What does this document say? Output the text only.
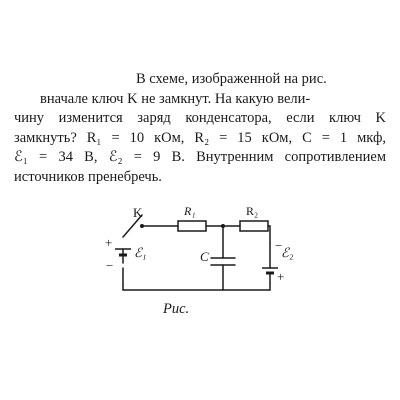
В схеме, изображенной на рис.
вначале ключ K не замкнут. На какую вели-
чину изменится заряд конденсатора, если ключ K
замкнуть? R₁ = 10 кОм, R₂ = 15 кОм, C = 1 мкф,
ℰ₁ = 34 В, ℰ₂ = 9 В. Внутренним сопротивлением
источников пренебречь.
K	R₁	R₂
C
ℰ₁	ℰ₂
+
−
−
+
Рис.
